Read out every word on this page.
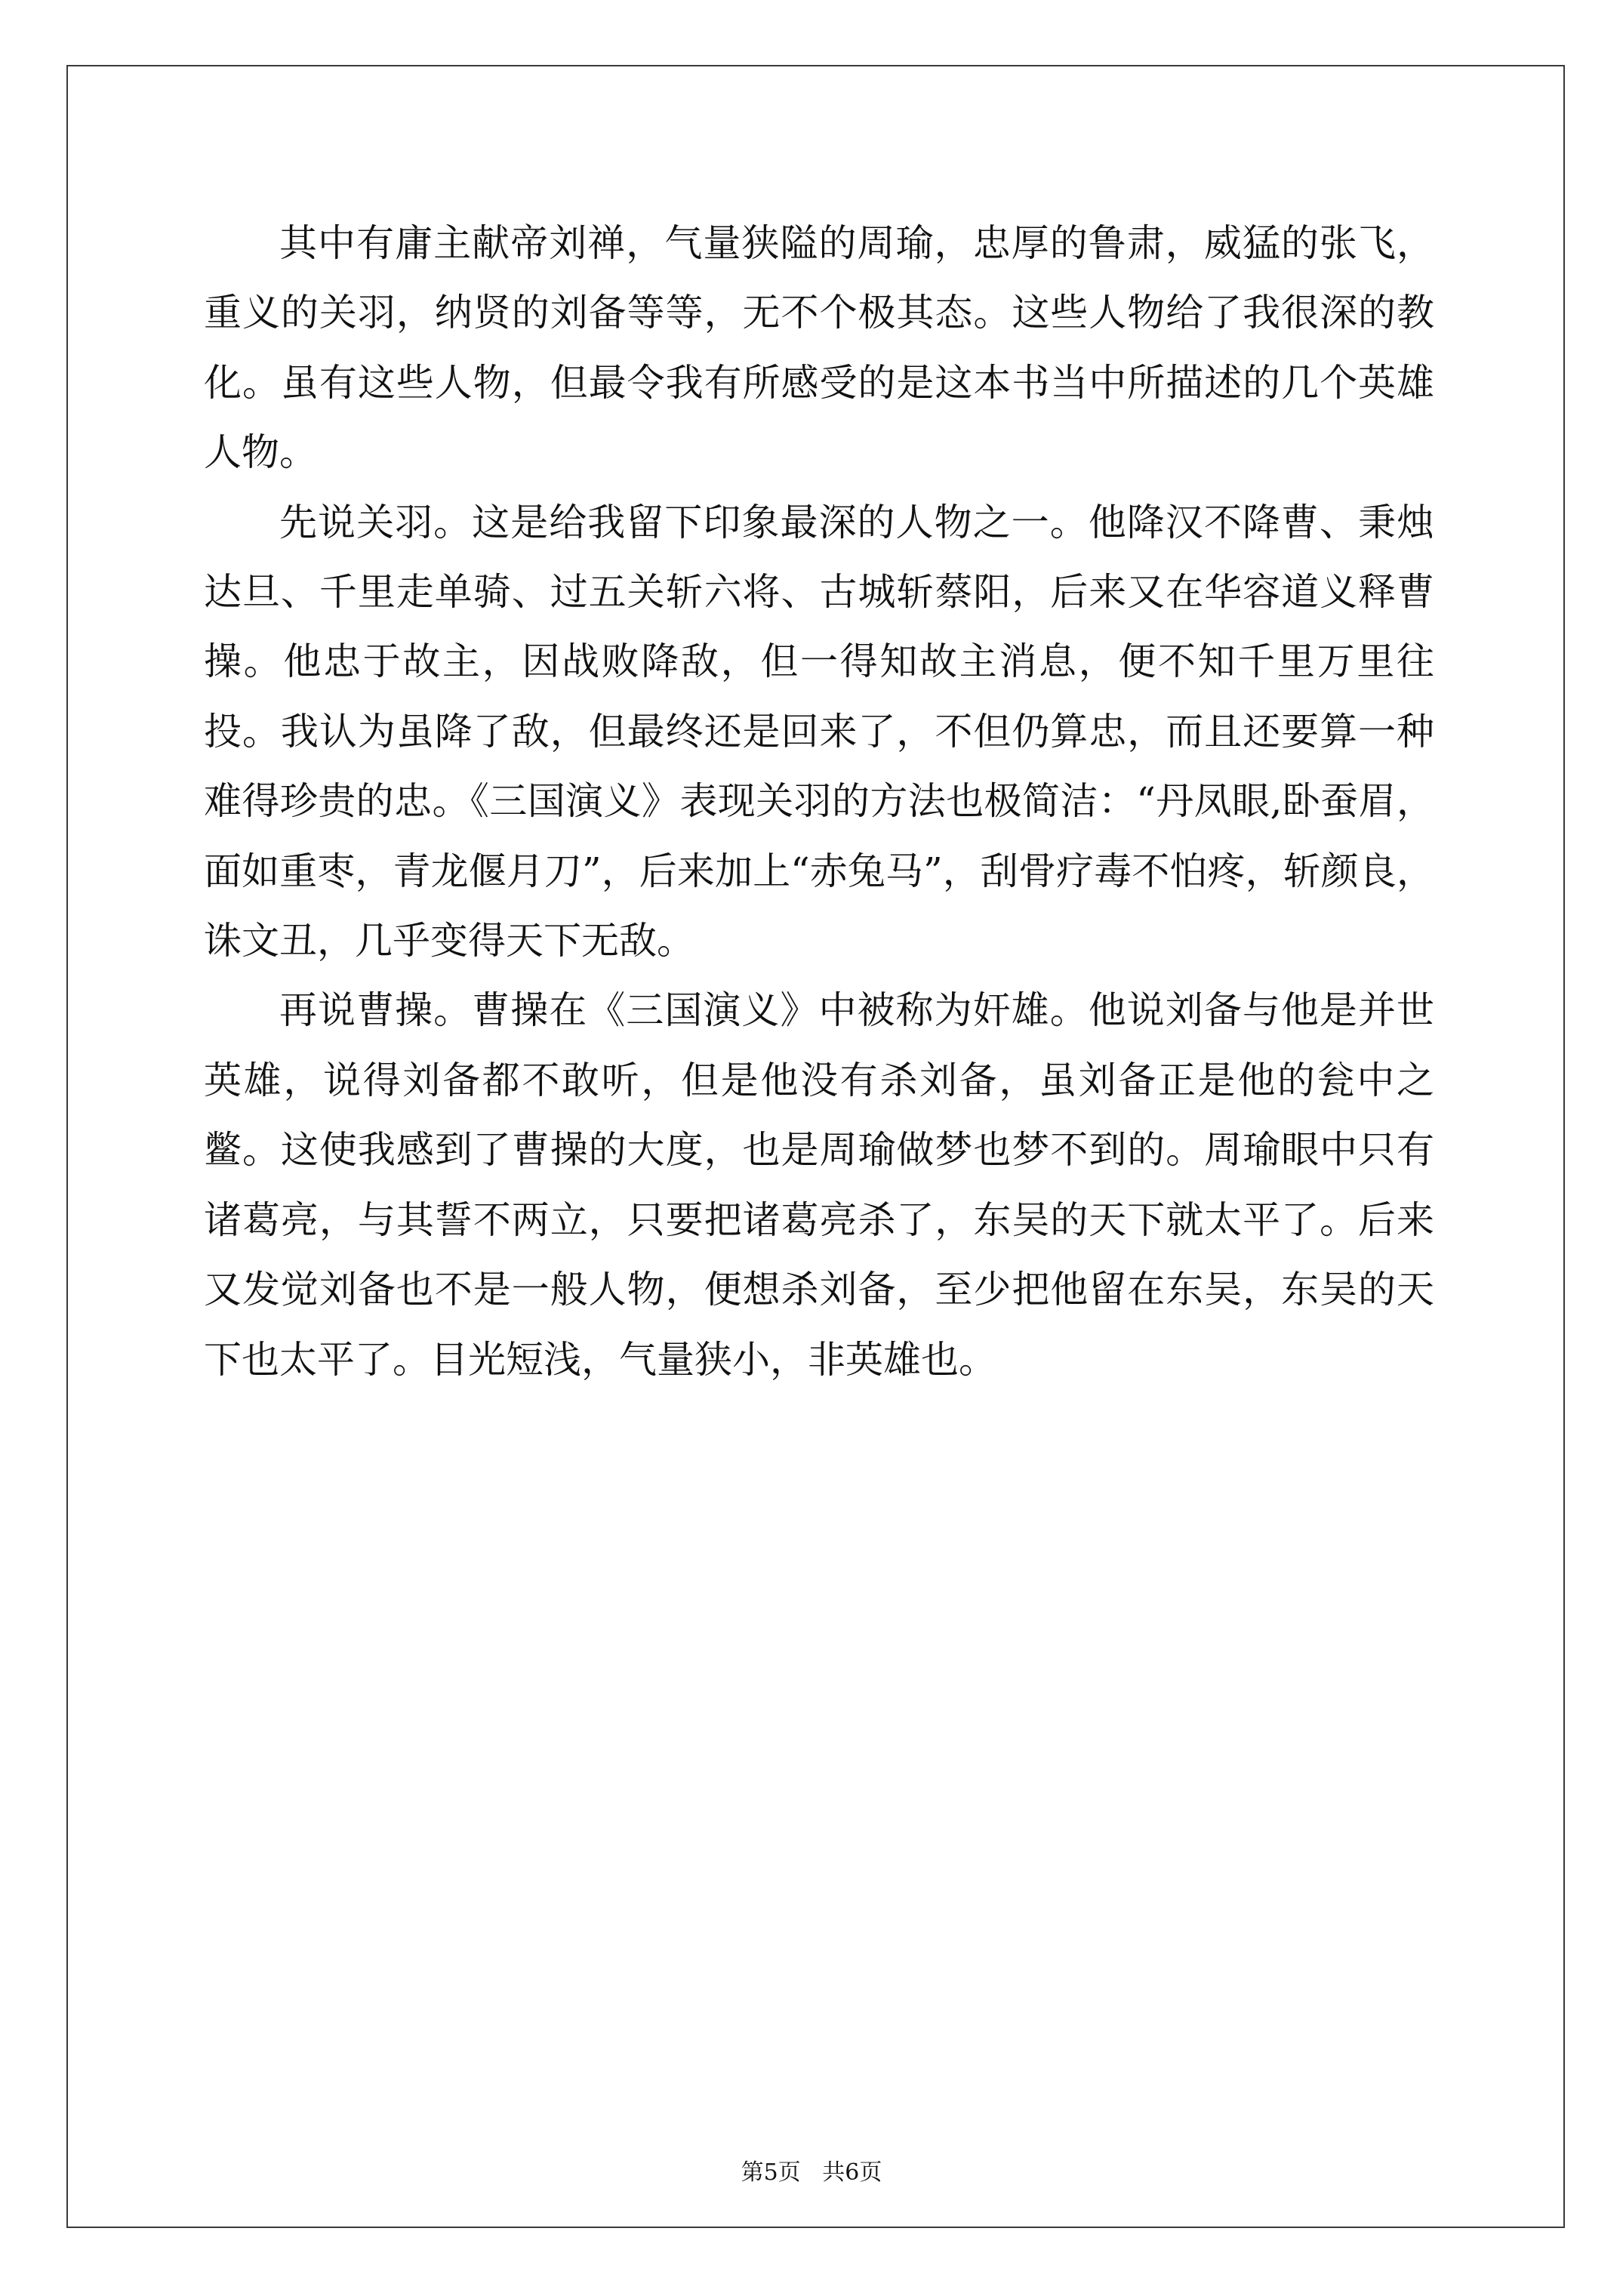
其中有庸主献帝刘禅，气量狭隘的周瑜，忠厚的鲁肃，威猛的张飞，重义的关羽，纳贤的刘备等等，无不个极其态。这些人物给了我很深的教化。虽有这些人物，但最令我有所感受的是这本书当中所描述的几个英雄人物。

先说关羽。这是给我留下印象最深的人物之一。他降汉不降曹、秉烛达旦、千里走单骑、过五关斩六将、古城斩蔡阳，后来又在华容道义释曹操。他忠于故主，因战败降敌，但一得知故主消息，便不知千里万里往投。我认为虽降了敌，但最终还是回来了，不但仍算忠，而且还要算一种难得珍贵的忠。《三国演义》表现关羽的方法也极简洁：“丹凤眼,卧蚕眉，面如重枣，青龙偃月刀”，后来加上“赤兔马”，刮骨疗毒不怕疼，斩颜良，诛文丑，几乎变得天下无敌。

再说曹操。曹操在《三国演义》中被称为奸雄。他说刘备与他是并世英雄，说得刘备都不敢听，但是他没有杀刘备，虽刘备正是他的瓮中之鳖。这使我感到了曹操的大度，也是周瑜做梦也梦不到的。周瑜眼中只有诸葛亮，与其誓不两立，只要把诸葛亮杀了，东吴的天下就太平了。后来又发觉刘备也不是一般人物，便想杀刘备，至少把他留在东吴，东吴的天下也太平了。目光短浅，气量狭小，非英雄也。

第5页 共6页
